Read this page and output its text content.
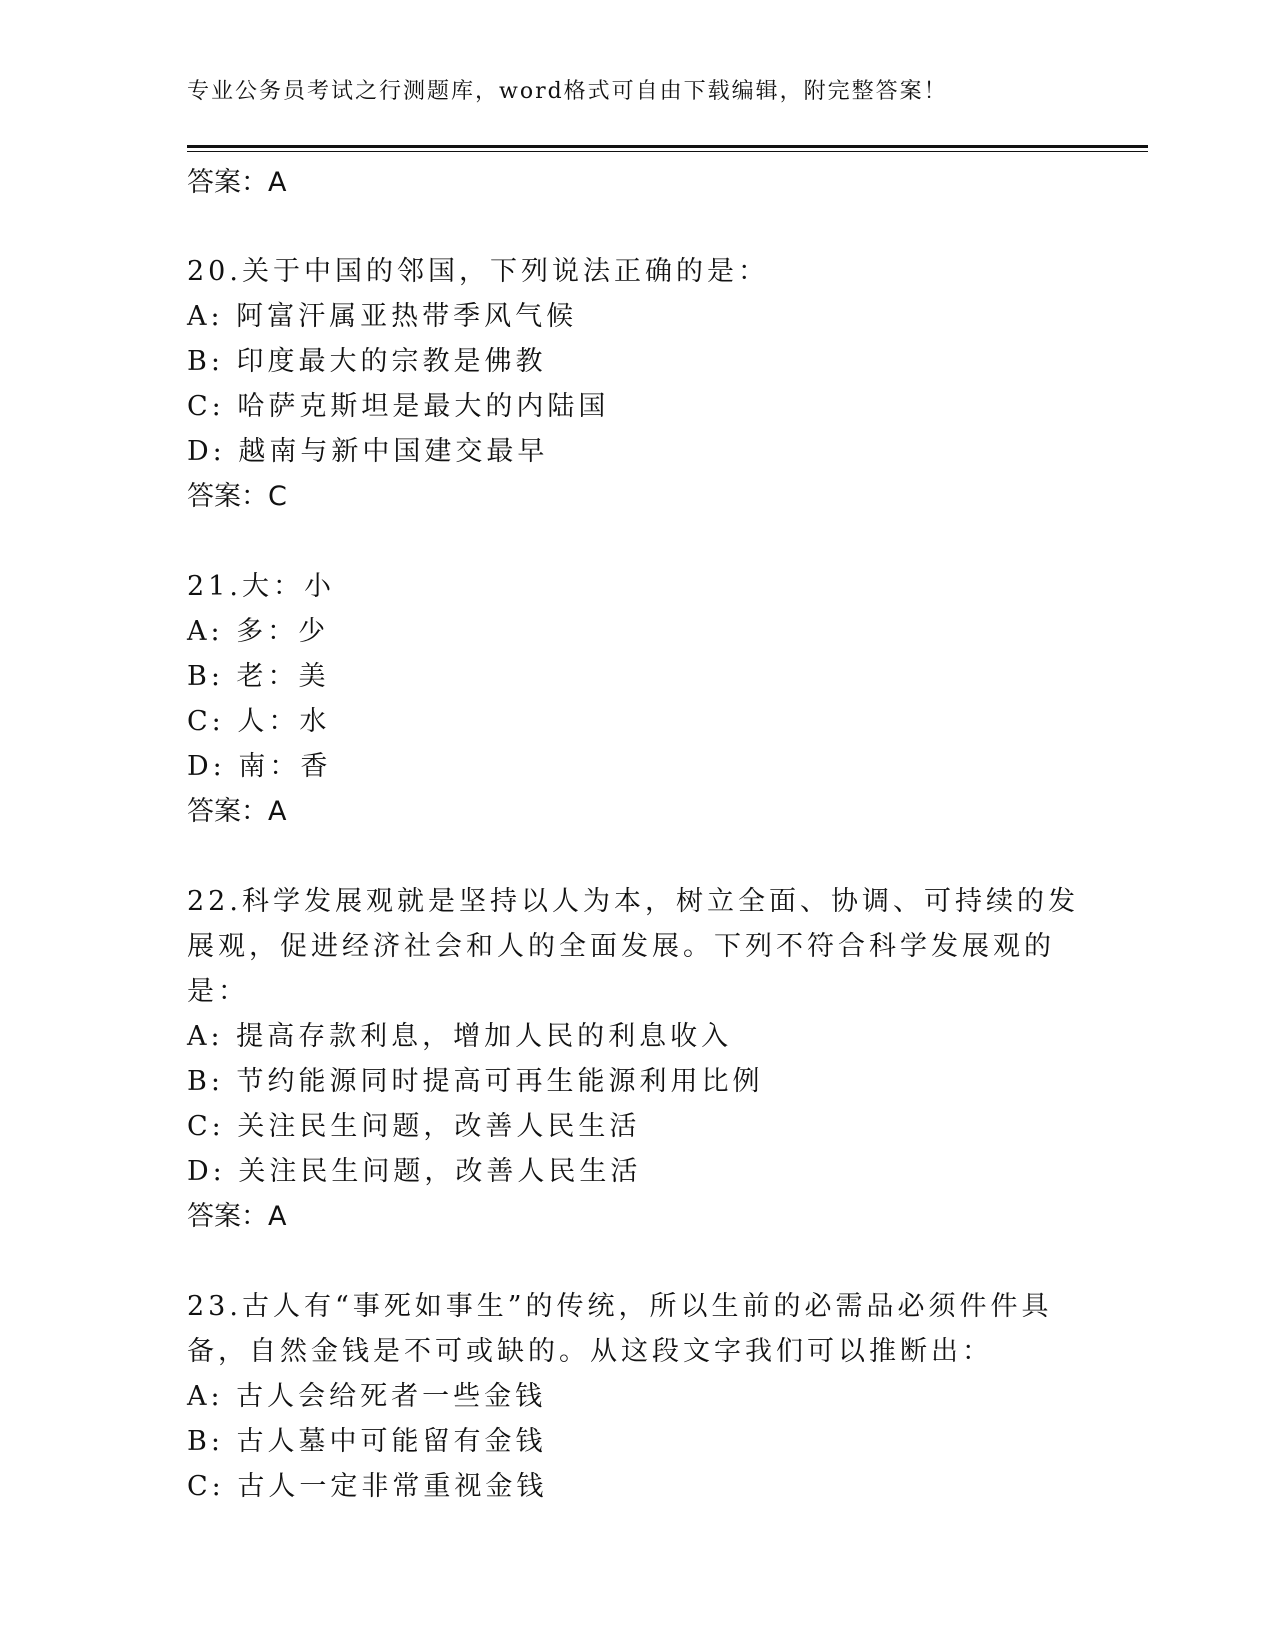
专业公务员考试之行测题库，word格式可自由下载编辑，附完整答案！
答案：A
20.关于中国的邻国，下列说法正确的是：
A: 阿富汗属亚热带季风气候
B: 印度最大的宗教是佛教
C: 哈萨克斯坦是最大的内陆国
D: 越南与新中国建交最早
答案：C
21.大：小
A: 多：少
B: 老：美
C: 人：水
D: 南：香
答案：A
22.科学发展观就是坚持以人为本，树立全面、协调、可持续的发展观，促进经济社会和人的全面发展。下列不符合科学发展观的是：
A: 提高存款利息，增加人民的利息收入
B: 节约能源同时提高可再生能源利用比例
C: 关注民生问题，改善人民生活
D: 关注民生问题，改善人民生活
答案：A
23.古人有“事死如事生”的传统，所以生前的必需品必须件件具备，自然金钱是不可或缺的。从这段文字我们可以推断出：
A: 古人会给死者一些金钱
B: 古人墓中可能留有金钱
C: 古人一定非常重视金钱
